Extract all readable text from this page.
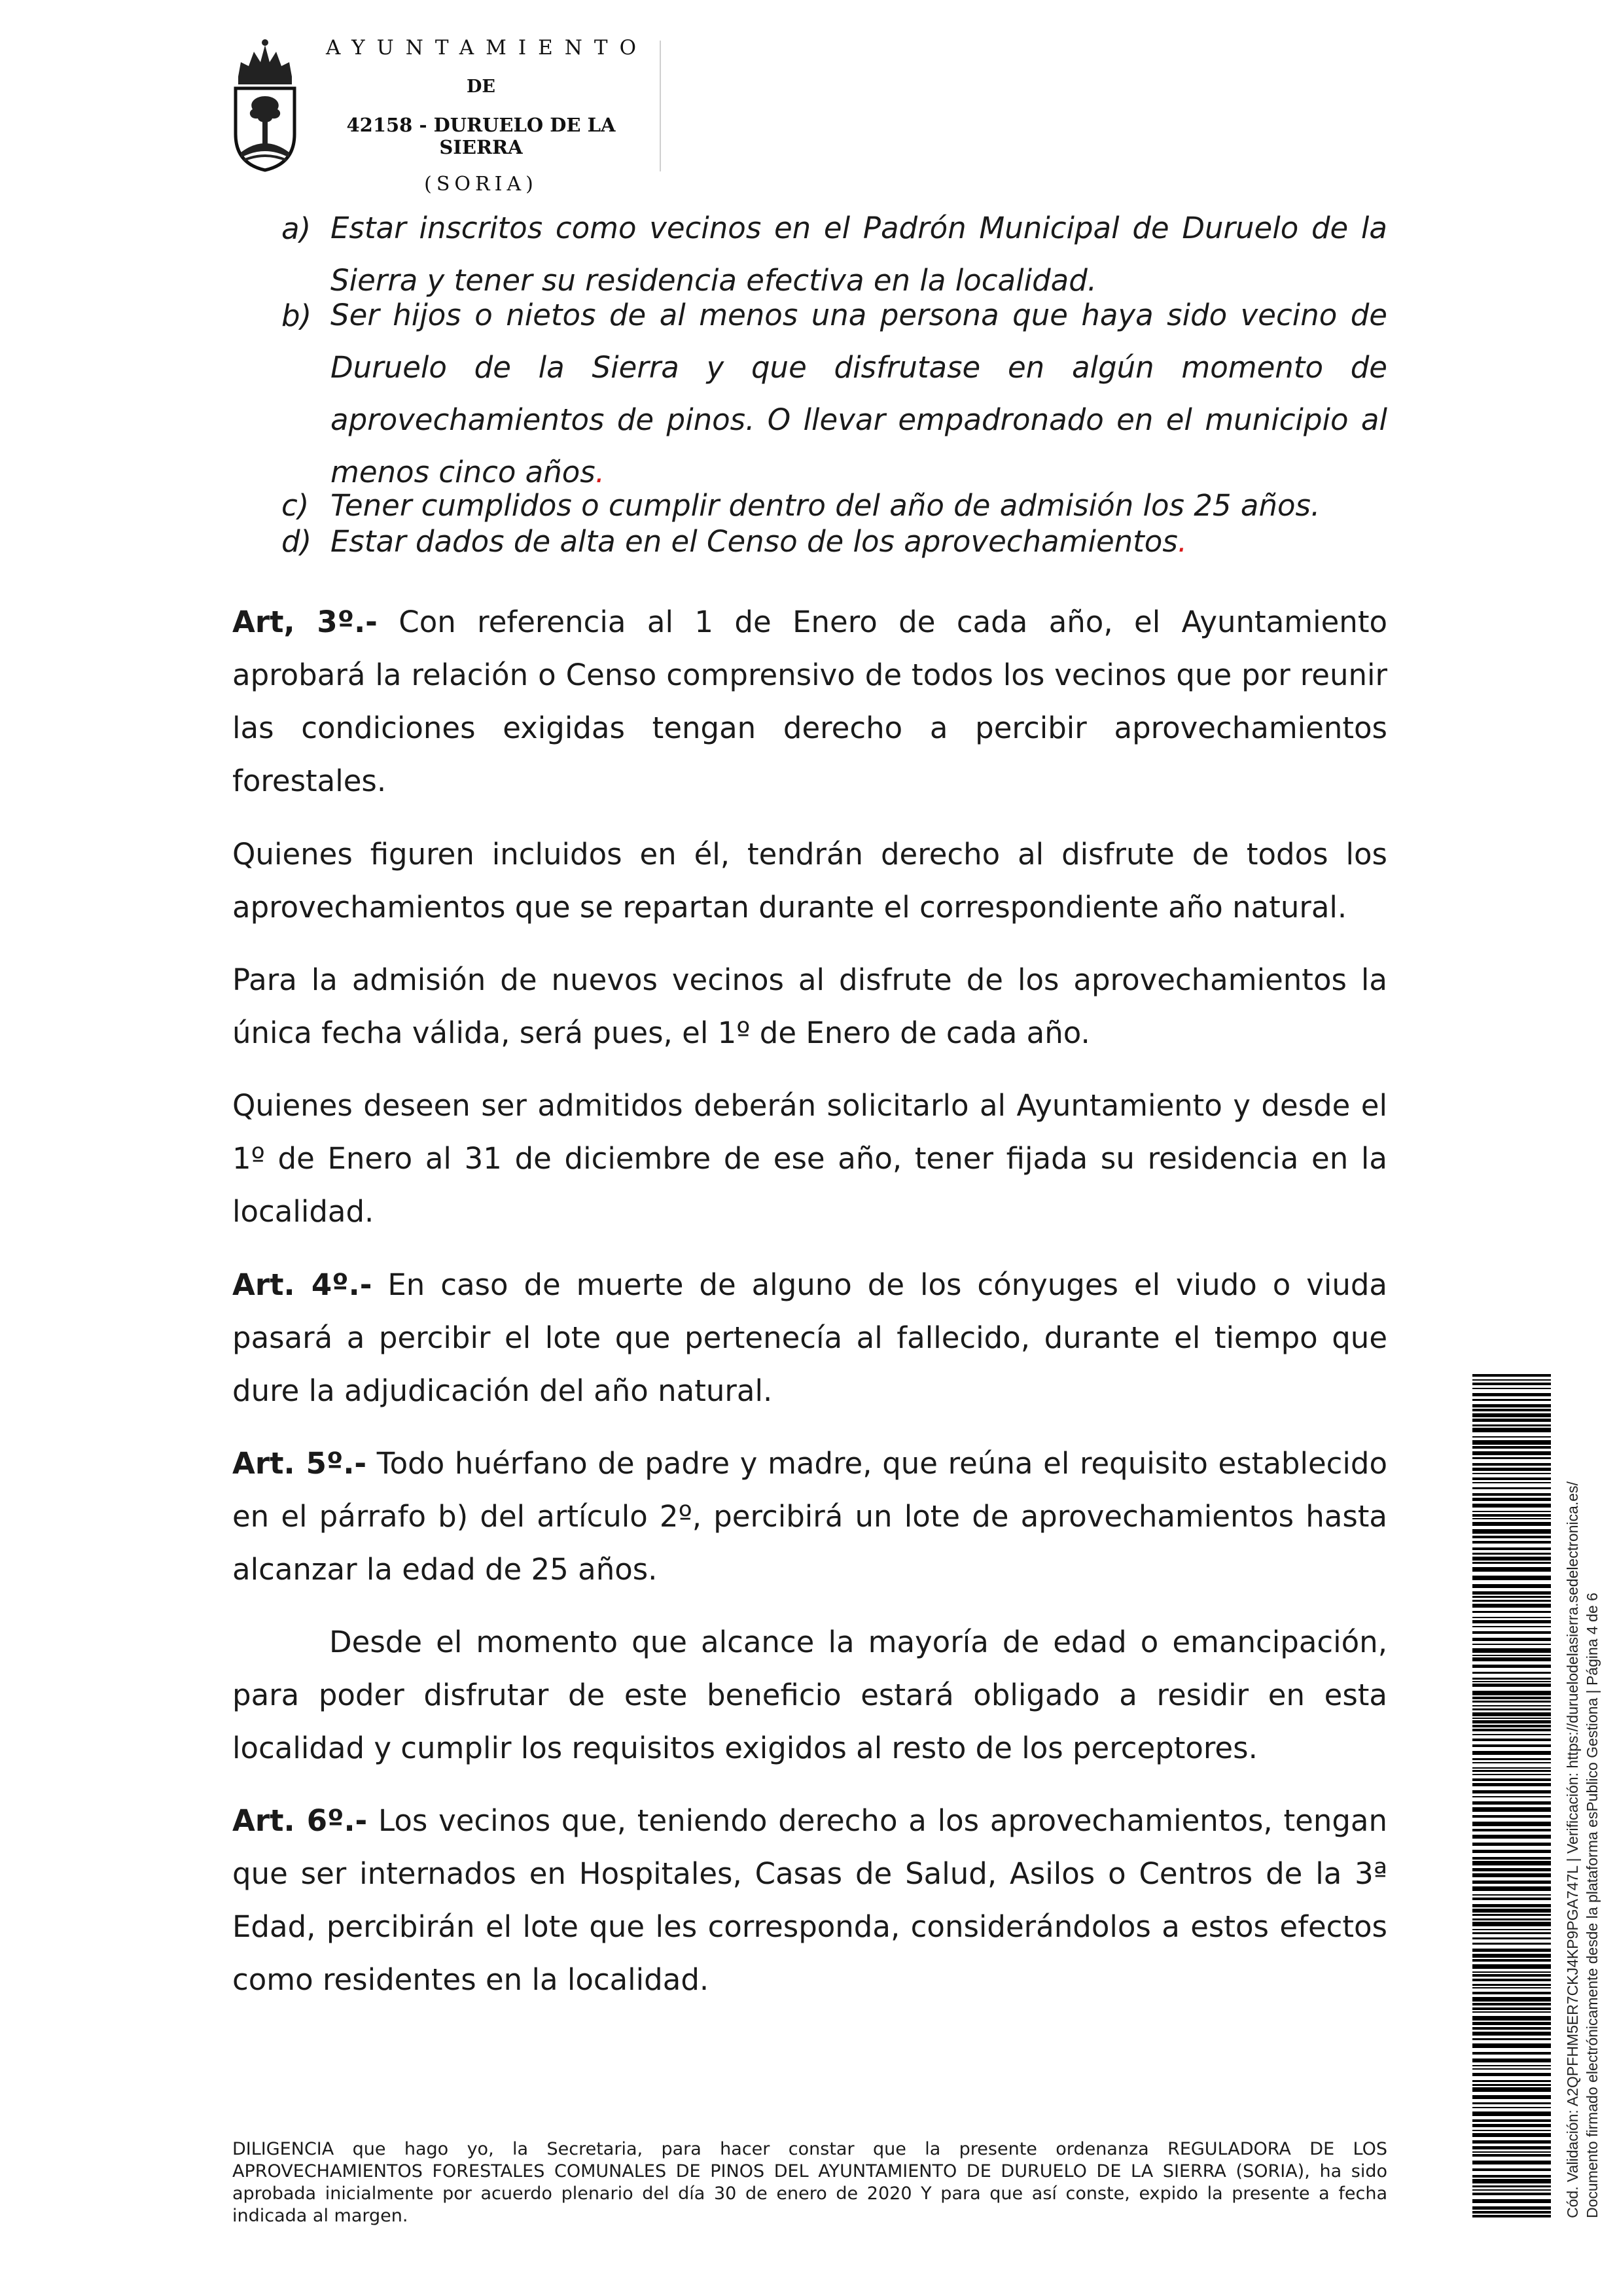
AYUNTAMIENTO
DE
42158 - DURUELO DE LA SIERRA
(SORIA)
a) Estar inscritos como vecinos en el Padrón Municipal de Duruelo de la Sierra y tener su residencia efectiva en la localidad.
b) Ser hijos o nietos de al menos una persona que haya sido vecino de Duruelo de la Sierra y que disfrutase en algún momento de aprovechamientos de pinos. O llevar empadronado en el municipio al menos cinco años.
c) Tener cumplidos o cumplir dentro del año de admisión los 25 años.
d) Estar dados de alta en el Censo de los aprovechamientos.
Art, 3º.- Con referencia al 1 de Enero de cada año, el Ayuntamiento aprobará la relación o Censo comprensivo de todos los vecinos que por reunir las condiciones exigidas tengan derecho a percibir aprovechamientos forestales.
Quienes figuren incluidos en él, tendrán derecho al disfrute de todos los aprovechamientos que se repartan durante el correspondiente año natural.
Para la admisión de nuevos vecinos al disfrute de los aprovechamientos la única fecha válida, será pues, el 1º de Enero de cada año.
Quienes deseen ser admitidos deberán solicitarlo al Ayuntamiento y desde el 1º de Enero al 31 de diciembre de ese año, tener fijada su residencia en la localidad.
Art. 4º.- En caso de muerte de alguno de los cónyuges el viudo o viuda pasará a percibir el lote que pertenecía al fallecido, durante el tiempo que dure la adjudicación del año natural.
Art. 5º.- Todo huérfano de padre y madre, que reúna el requisito establecido en el párrafo b) del artículo 2º, percibirá un lote de aprovechamientos hasta alcanzar la edad de 25 años.
Desde el momento que alcance la mayoría de edad o emancipación, para poder disfrutar de este beneficio estará obligado a residir en esta localidad y cumplir los requisitos exigidos al resto de los perceptores.
Art. 6º.- Los vecinos que, teniendo derecho a los aprovechamientos, tengan que ser internados en Hospitales, Casas de Salud, Asilos o Centros de la 3ª Edad, percibirán el lote que les corresponda, considerándolos a estos efectos como residentes en la localidad.
DILIGENCIA que hago yo, la Secretaria, para hacer constar que la presente ordenanza REGULADORA DE LOS APROVECHAMIENTOS FORESTALES COMUNALES DE PINOS DEL AYUNTAMIENTO DE DURUELO DE LA SIERRA (SORIA), ha sido aprobada inicialmente por acuerdo plenario del día 30 de enero de 2020 Y para que así conste, expido la presente a fecha indicada al margen.	Cód. Validación: A2QPFHM5ER7CKJ4KP9PGA747L | Verificación: https://duruelodelasierra.sedelectronica.es/ Documento firmado electrónicamente desde la plataforma esPublico Gestiona | Página 4 de 6
